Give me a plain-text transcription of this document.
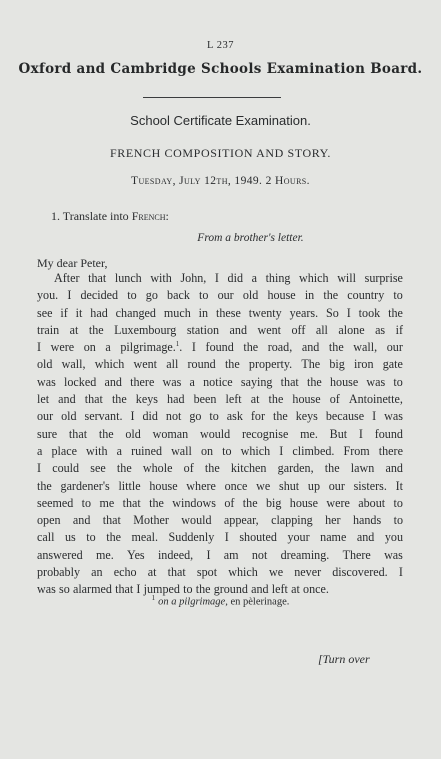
L 237
Oxford and Cambridge Schools Examination Board.
School Certificate Examination.
FRENCH COMPOSITION AND STORY.
Tuesday, July 12th, 1949. 2 Hours.
1. Translate into French:
From a brother's letter.
My dear Peter,
After that lunch with John, I did a thing which will surprise
you. I decided to go back to our old house in the country to
see if it had changed much in these twenty years. So I took the
train at the Luxembourg station and went off all alone as if
I were on a pilgrimage.$^1$. I found the road, and the wall, our
old wall, which went all round the property. The big iron gate
was locked and there was a notice saying that the house was to
let and that the keys had been left at the house of Antoinette,
our old servant. I did not go to ask for the keys because I was
sure that the old woman would recognise me. But I found
a place with a ruined wall on to which I climbed. From there
I could see the whole of the kitchen garden, the lawn and
the gardener's little house where once we shut up our sisters. It
seemed to me that the windows of the big house were about to
open and that Mother would appear, clapping her hands to
call us to the meal. Suddenly I shouted your name and you
answered me. Yes indeed, I am not dreaming. There was
probably an echo at that spot which we never discovered. I
was so alarmed that I jumped to the ground and left at once.
$^1$ on a pilgrimage, en pèlerinage.
[Turn over
